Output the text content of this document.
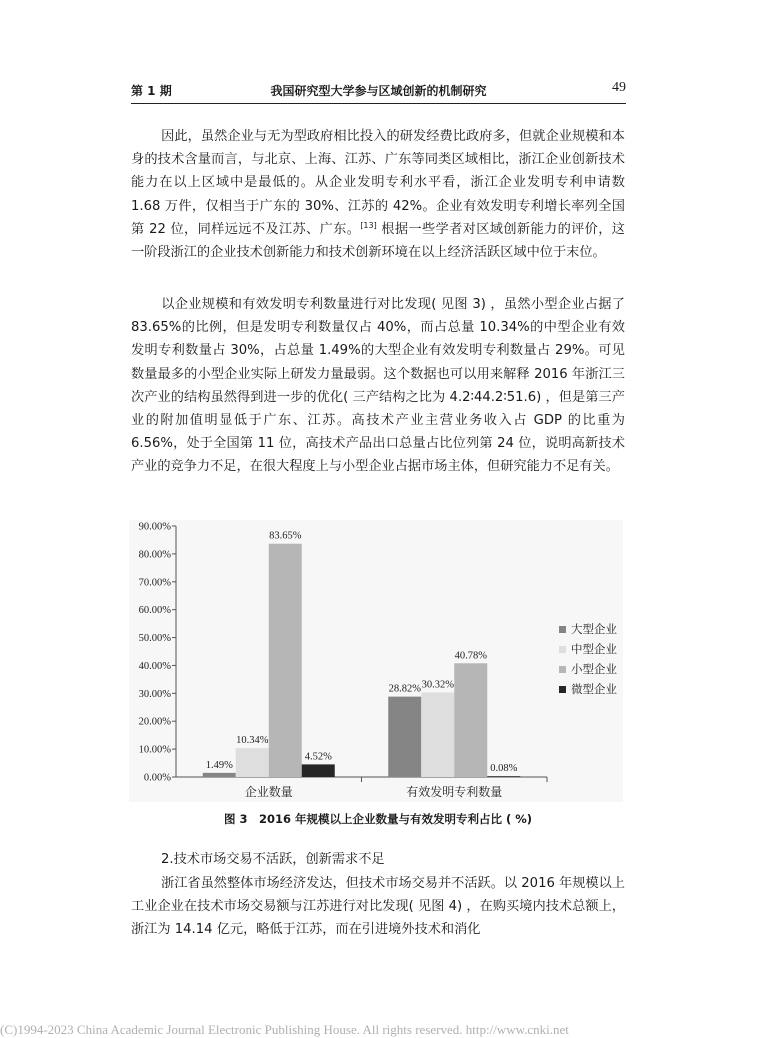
第 1 期	我国研究型大学参与区域创新的机制研究	49
因此，虽然企业与无为型政府相比投入的研发经费比政府多，但就企业规模和本身的技术含量而言，与北京、上海、江苏、广东等同类区域相比，浙江企业创新技术能力在以上区域中是最低的。从企业发明专利水平看，浙江企业发明专利申请数 1.68 万件，仅相当于广东的 30%、江苏的 42%。企业有效发明专利增长率列全国第 22 位，同样远远不及江苏、广东。[13] 根据一些学者对区域创新能力的评价，这一阶段浙江的企业技术创新能力和技术创新环境在以上经济活跃区域中位于末位。
以企业规模和有效发明专利数量进行对比发现( 见图 3) ，虽然小型企业占据了 83.65%的比例，但是发明专利数量仅占 40%，而占总量 10.34%的中型企业有效发明专利数量占 30%，占总量 1.49%的大型企业有效发明专利数量占 29%。可见数量最多的小型企业实际上研发力量最弱。这个数据也可以用来解释 2016 年浙江三次产业的结构虽然得到进一步的优化( 三产结构之比为 4.2∶44.2∶51.6) ，但是第三产业的附加值明显低于广东、江苏。高技术产业主营业务收入占 GDP 的比重为 6.56%，处于全国第 11 位，高技术产品出口总量占比位列第 24 位，说明高新技术产业的竞争力不足，在很大程度上与小型企业占据市场主体，但研究能力不足有关。
0.00%
10.00%
20.00%
30.00%
40.00%
50.00%
60.00%
70.00%
80.00%
90.00%
1.49%
10.34%
83.65%
4.52%
企业数量
28.82% 30.32%
40.78%
0.08%
有效发明专利数量
大型企业
中型企业
小型企业
微型企业
图 3　2016 年规模以上企业数量与有效发明专利占比 ( %)
2.技术市场交易不活跃，创新需求不足
浙江省虽然整体市场经济发达，但技术市场交易并不活跃。以 2016 年规模以上工业企业在技术市场交易额与江苏进行对比发现( 见图 4) ，在购买境内技术总额上，浙江为 14.14 亿元，略低于江苏，而在引进境外技术和消化
(C)1994-2023 China Academic Journal Electronic Publishing House. All rights reserved. http://www.cnki.net
